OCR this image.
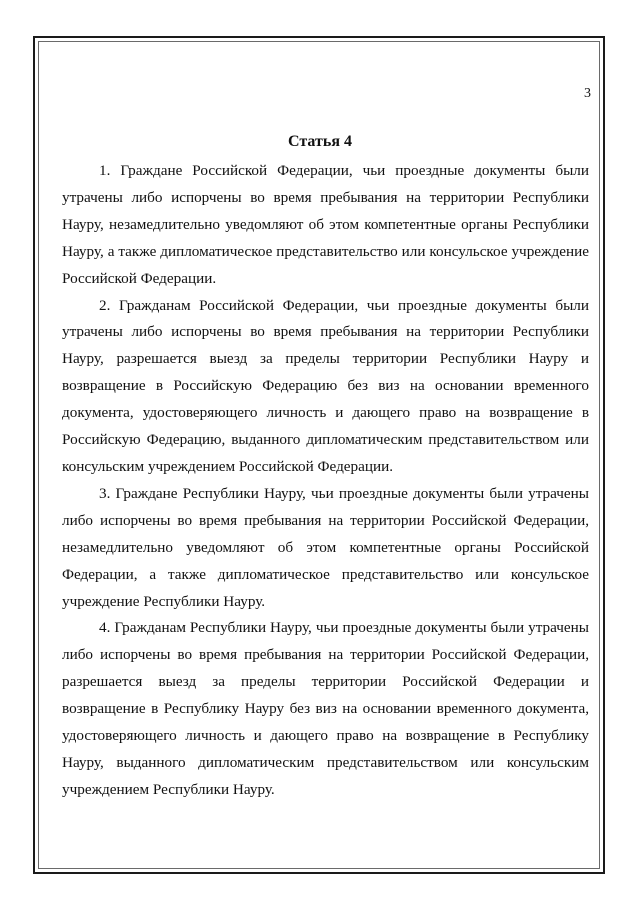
3
Статья 4

1. Граждане Российской Федерации, чьи проездные документы были утрачены либо испорчены во время пребывания на территории Республики Науру, незамедлительно уведомляют об этом компетентные органы Республики Науру, а также дипломатическое представительство или консульское учреждение Российской Федерации.

2. Гражданам Российской Федерации, чьи проездные документы были утрачены либо испорчены во время пребывания на территории Республики Науру, разрешается выезд за пределы территории Республики Науру и возвращение в Российскую Федерацию без виз на основании временного документа, удостоверяющего личность и дающего право на возвращение в Российскую Федерацию, выданного дипломатическим представительством или консульским учреждением Российской Федерации.

3. Граждане Республики Науру, чьи проездные документы были утрачены либо испорчены во время пребывания на территории Российской Федерации, незамедлительно уведомляют об этом компетентные органы Российской Федерации, а также дипломатическое представительство или консульское учреждение Республики Науру.

4. Гражданам Республики Науру, чьи проездные документы были утрачены либо испорчены во время пребывания на территории Российской Федерации, разрешается выезд за пределы территории Российской Федерации и возвращение в Республику Науру без виз на основании временного документа, удостоверяющего личность и дающего право на возвращение в Республику Науру, выданного дипломатическим представительством или консульским учреждением Республики Науру.
